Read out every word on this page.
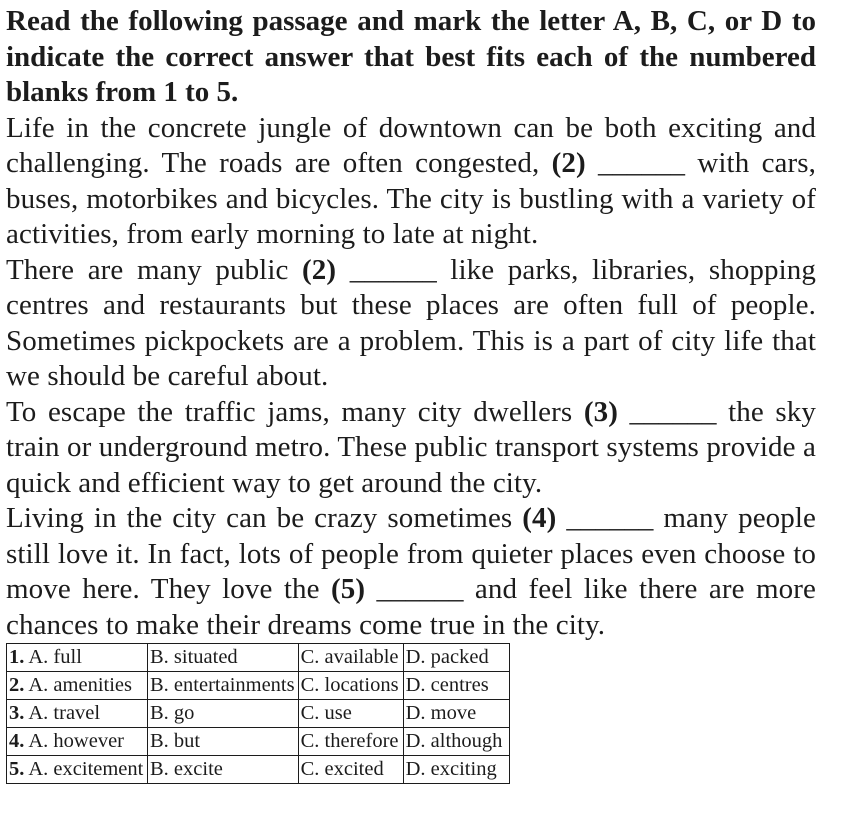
Read the following passage and mark the letter A, B, C, or D to indicate the correct answer that best fits each of the numbered blanks from 1 to 5.

Life in the concrete jungle of downtown can be both exciting and challenging. The roads are often congested, (2) ______ with cars, buses, motorbikes and bicycles. The city is bustling with a variety of activities, from early morning to late at night.

There are many public (2) ______ like parks, libraries, shopping centres and restaurants but these places are often full of people. Sometimes pickpockets are a problem. This is a part of city life that we should be careful about.

To escape the traffic jams, many city dwellers (3) ______ the sky train or underground metro. These public transport systems provide a quick and efficient way to get around the city.

Living in the city can be crazy sometimes (4) ______ many people still love it. In fact, lots of people from quieter places even choose to move here. They love the (5) ______ and feel like there are more chances to make their dreams come true in the city.

1. A. full	B. situated	C. available	D. packed
2. A. amenities	B. entertainments	C. locations	D. centres
3. A. travel	B. go	C. use	D. move
4. A. however	B. but	C. therefore	D. although
5. A. excitement	B. excite	C. excited	D. exciting
